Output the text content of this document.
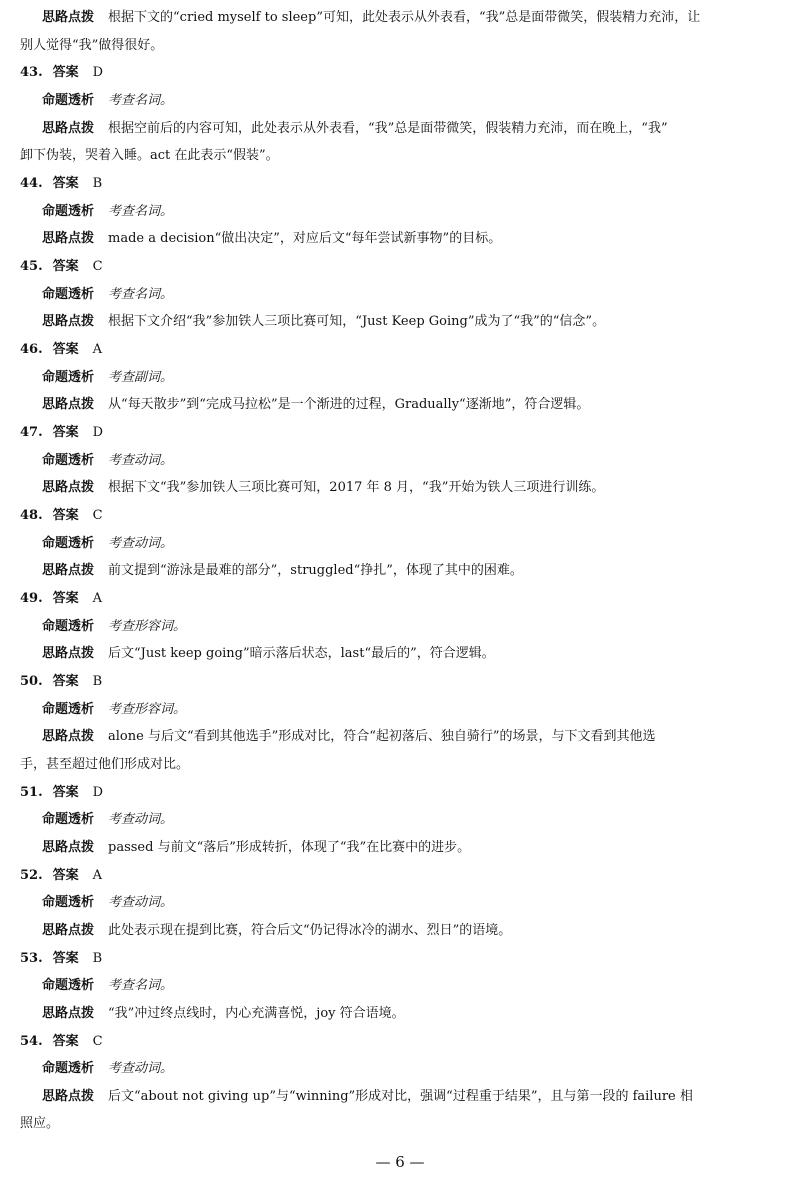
思路点拨 根据下文的“cried myself to sleep”可知，此处表示从外表看，“我”总是面带微笑，假装精力充沛，让
别人觉得“我”做得很好。
43. 答案 D
命题透析 考查名词。
思路点拨 根据空前后的内容可知，此处表示从外表看，“我”总是面带微笑，假装精力充沛，而在晚上，“我”
卸下伪装，哭着入睡。act 在此表示“假装”。
44. 答案 B
命题透析 考查名词。
思路点拨 made a decision“做出决定”，对应后文“每年尝试新事物”的目标。
45. 答案 C
命题透析 考查名词。
思路点拨 根据下文介绍“我”参加铁人三项比赛可知，“Just Keep Going”成为了“我”的“信念”。
46. 答案 A
命题透析 考查副词。
思路点拨 从“每天散步”到“完成马拉松”是一个渐进的过程，Gradually“逐渐地”，符合逻辑。
47. 答案 D
命题透析 考查动词。
思路点拨 根据下文“我”参加铁人三项比赛可知，2017 年 8 月，“我”开始为铁人三项进行训练。
48. 答案 C
命题透析 考查动词。
思路点拨 前文提到“游泳是最难的部分”，struggled“挣扎”，体现了其中的困难。
49. 答案 A
命题透析 考查形容词。
思路点拨 后文“Just keep going”暗示落后状态，last“最后的”，符合逻辑。
50. 答案 B
命题透析 考查形容词。
思路点拨 alone 与后文“看到其他选手”形成对比，符合“起初落后、独自骑行”的场景，与下文看到其他选
手，甚至超过他们形成对比。
51. 答案 D
命题透析 考查动词。
思路点拨 passed 与前文“落后”形成转折，体现了“我”在比赛中的进步。
52. 答案 A
命题透析 考查动词。
思路点拨 此处表示现在提到比赛，符合后文“仍记得冰冷的湖水、烈日”的语境。
53. 答案 B
命题透析 考查名词。
思路点拨 “我”冲过终点线时，内心充满喜悦，joy 符合语境。
54. 答案 C
命题透析 考查动词。
思路点拨 后文“about not giving up”与“winning”形成对比，强调“过程重于结果”，且与第一段的 failure 相
照应。
— 6 —
